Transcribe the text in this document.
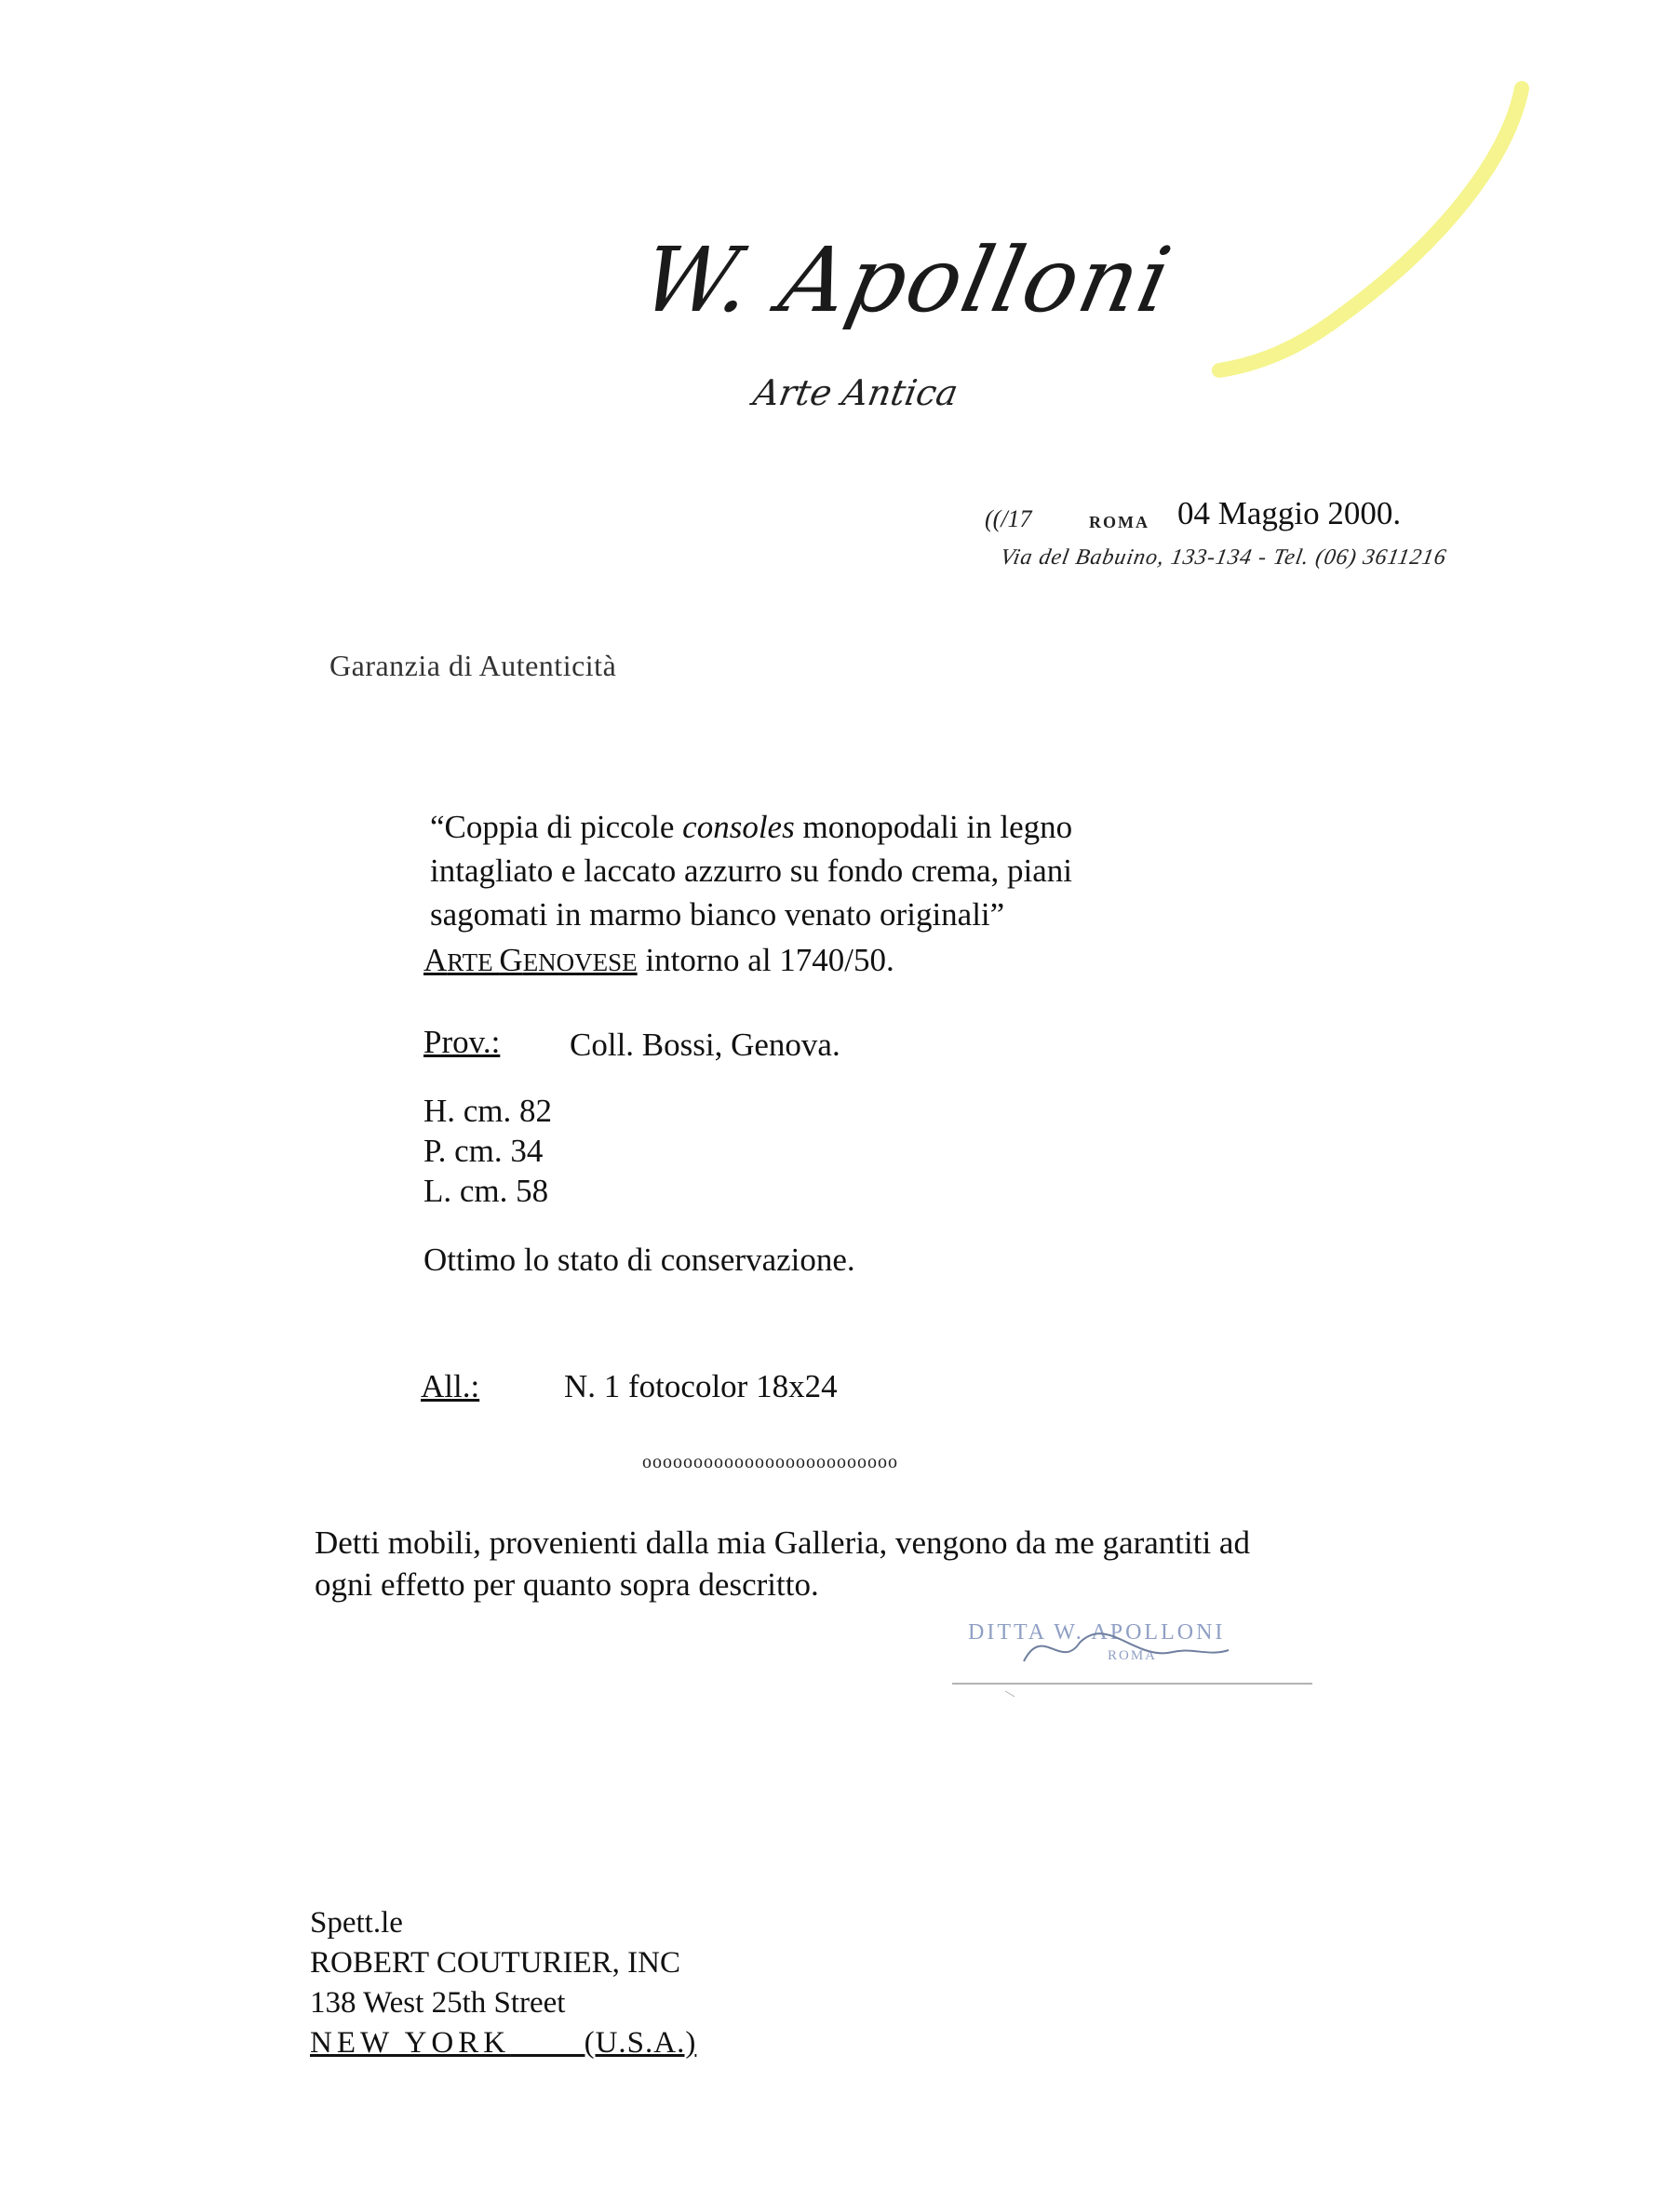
W. Apolloni
Arte Antica
((/17	ROMA 04 Maggio 2000.
Via del Babuino, 133-134 - Tel. (06) 3611216
Garanzia di Autenticità
“Coppia di piccole consoles monopodali in legno
intagliato e laccato azzurro su fondo crema, piani
sagomati in marmo bianco venato originali”
ARTE GENOVESE intorno al 1740/50.
Prov.: Coll. Bossi, Genova.
H. cm. 82
P. cm. 34
L. cm. 58
Ottimo lo stato di conservazione.
All.:	N. 1 fotocolor 18x24
ooooooooooooooooooooooooo
Detti mobili, provenienti dalla mia Galleria, vengono da me garantiti ad
ogni effetto per quanto sopra descritto.
DITTA W. APOLLONI
ROMA
Spett.le
ROBERT COUTURIER, INC
138 West 25th Street
NEW YORK (U.S.A.)
